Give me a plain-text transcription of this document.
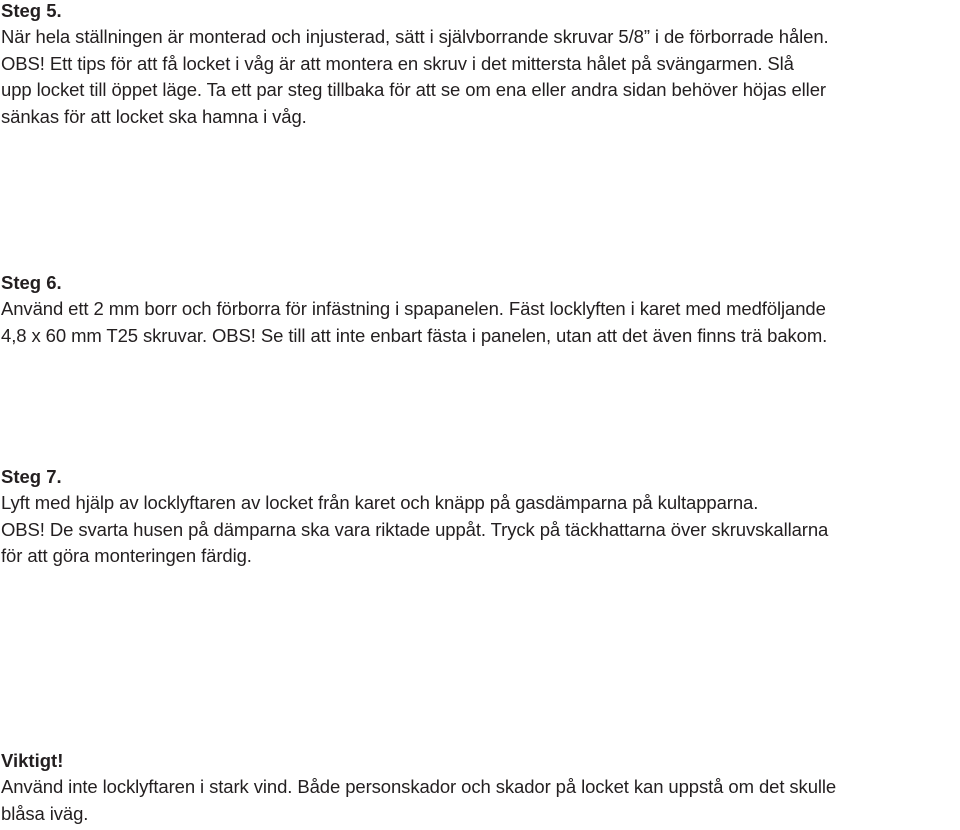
Steg 5.
När hela ställningen är monterad och injusterad, sätt i självborrande skruvar 5/8” i de förborrade hålen.
OBS! Ett tips för att få locket i våg är att montera en skruv i det mittersta hålet på svängarmen. Slå
upp locket till öppet läge. Ta ett par steg tillbaka för att se om ena eller andra sidan behöver höjas eller
sänkas för att locket ska hamna i våg.
Steg 6.
Använd ett 2 mm borr och förborra för infästning i spapanelen. Fäst locklyften i karet med medföljande
4,8 x 60 mm T25 skruvar. OBS! Se till att inte enbart fästa i panelen, utan att det även finns trä bakom.
Steg 7.
Lyft med hjälp av locklyftaren av locket från karet och knäpp på gasdämparna på kultapparna.
OBS! De svarta husen på dämparna ska vara riktade uppåt. Tryck på täckhattarna över skruvskallarna
för att göra monteringen färdig.
Viktigt!
Använd inte locklyftaren i stark vind. Både personskador och skador på locket kan uppstå om det skulle
blåsa iväg.
